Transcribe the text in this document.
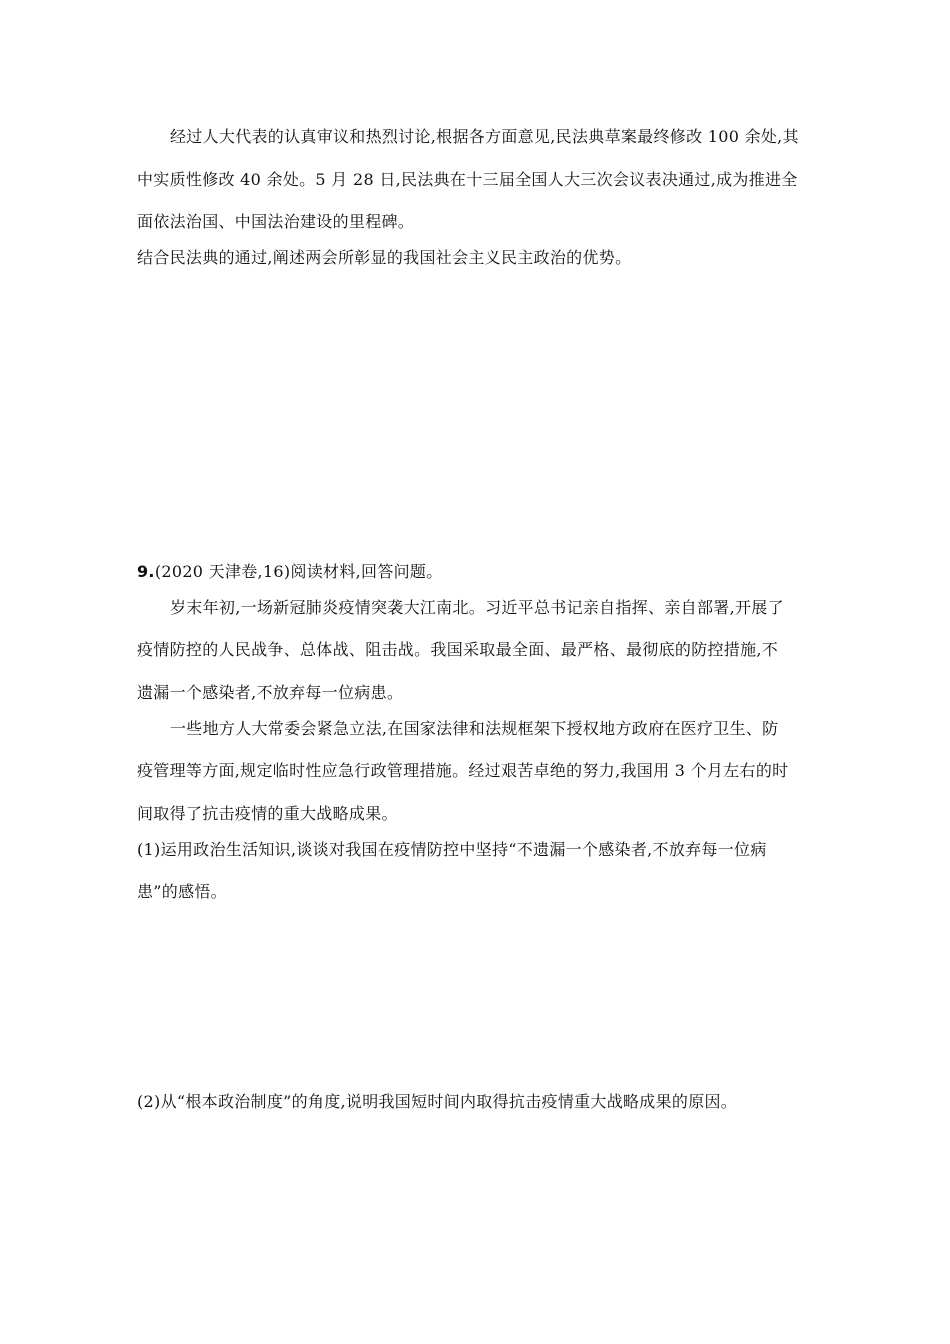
经过人大代表的认真审议和热烈讨论,根据各方面意见,民法典草案最终修改 100 余处,其
中实质性修改 40 余处。5 月 28 日,民法典在十三届全国人大三次会议表决通过,成为推进全
面依法治国、中国法治建设的里程碑。
结合民法典的通过,阐述两会所彰显的我国社会主义民主政治的优势。
9.(2020 天津卷,16)阅读材料,回答问题。
岁末年初,一场新冠肺炎疫情突袭大江南北。习近平总书记亲自指挥、亲自部署,开展了
疫情防控的人民战争、总体战、阻击战。我国采取最全面、最严格、最彻底的防控措施,不
遗漏一个感染者,不放弃每一位病患。
一些地方人大常委会紧急立法,在国家法律和法规框架下授权地方政府在医疗卫生、防
疫管理等方面,规定临时性应急行政管理措施。经过艰苦卓绝的努力,我国用 3 个月左右的时
间取得了抗击疫情的重大战略成果。
(1)运用政治生活知识,谈谈对我国在疫情防控中坚持“不遗漏一个感染者,不放弃每一位病
患”的感悟。
(2)从“根本政治制度”的角度,说明我国短时间内取得抗击疫情重大战略成果的原因。
